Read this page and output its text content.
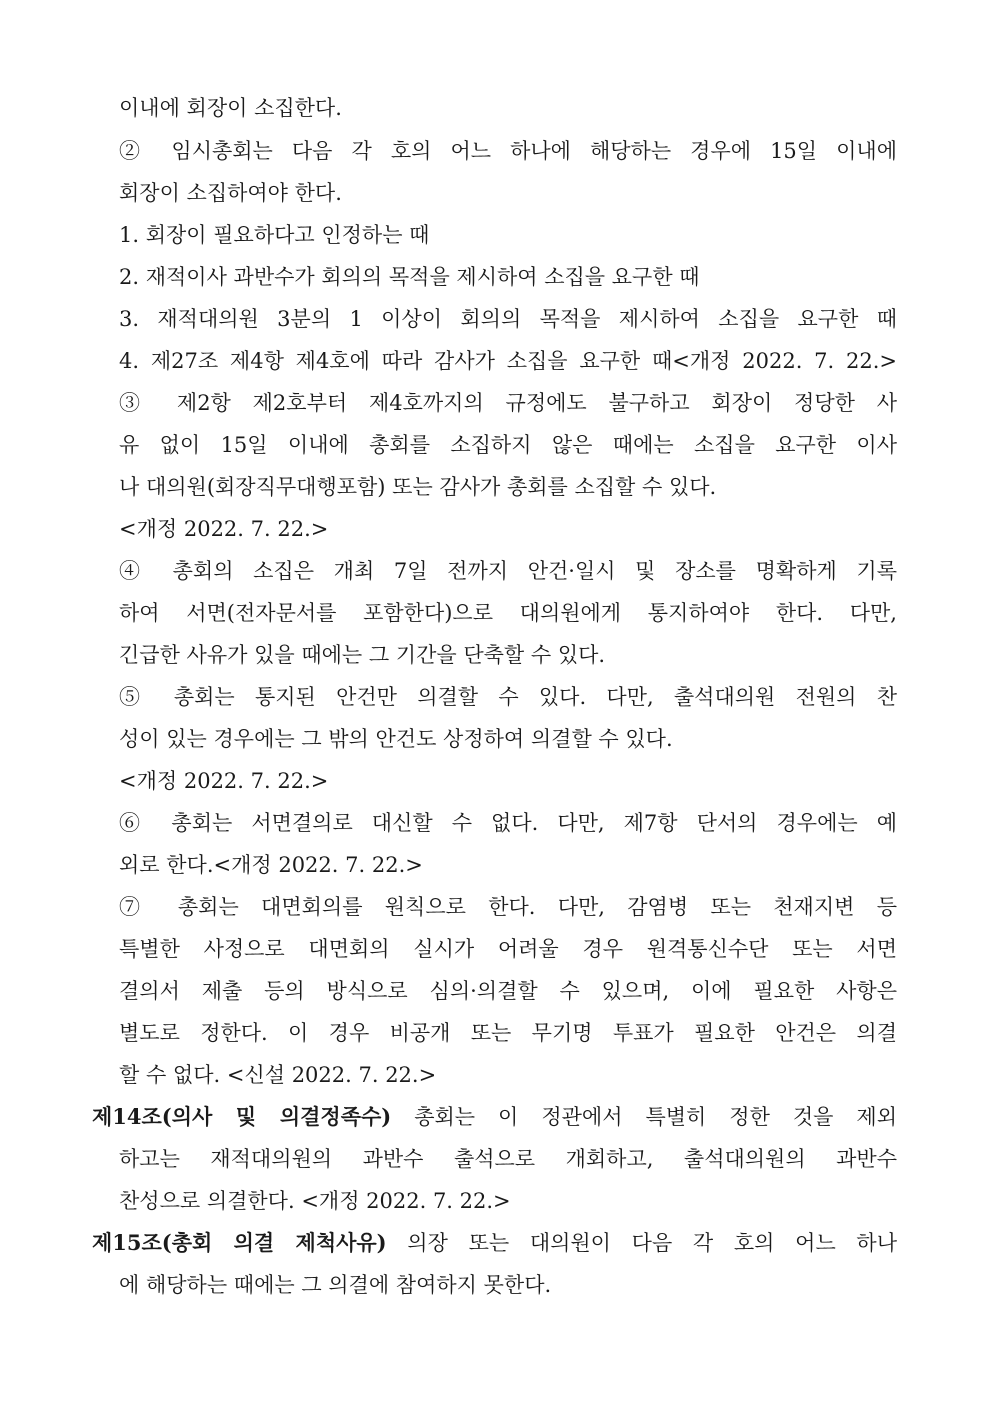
이내에 회장이 소집한다.
② 임시총회는 다음 각 호의 어느 하나에 해당하는 경우에 15일 이내에
회장이 소집하여야 한다.
1. 회장이 필요하다고 인정하는 때
2. 재적이사 과반수가 회의의 목적을 제시하여 소집을 요구한 때
3. 재적대의원 3분의 1 이상이 회의의 목적을 제시하여 소집을 요구한 때
4. 제27조 제4항 제4호에 따라 감사가 소집을 요구한 때<개정 2022. 7. 22.>
③ 제2항 제2호부터 제4호까지의 규정에도 불구하고 회장이 정당한 사
유 없이 15일 이내에 총회를 소집하지 않은 때에는 소집을 요구한 이사
나 대의원(회장직무대행포함) 또는 감사가 총회를 소집할 수 있다.
<개정 2022. 7. 22.>
④ 총회의 소집은 개최 7일 전까지 안건·일시 및 장소를 명확하게 기록
하여 서면(전자문서를 포함한다)으로 대의원에게 통지하여야 한다. 다만,
긴급한 사유가 있을 때에는 그 기간을 단축할 수 있다.
⑤ 총회는 통지된 안건만 의결할 수 있다. 다만, 출석대의원 전원의 찬
성이 있는 경우에는 그 밖의 안건도 상정하여 의결할 수 있다.
<개정 2022. 7. 22.>
⑥ 총회는 서면결의로 대신할 수 없다. 다만, 제7항 단서의 경우에는 예
외로 한다.<개정 2022. 7. 22.>
⑦ 총회는 대면회의를 원칙으로 한다. 다만, 감염병 또는 천재지변 등
특별한 사정으로 대면회의 실시가 어려울 경우 원격통신수단 또는 서면
결의서 제출 등의 방식으로 심의·의결할 수 있으며, 이에 필요한 사항은
별도로 정한다. 이 경우 비공개 또는 무기명 투표가 필요한 안건은 의결
할 수 없다. <신설 2022. 7. 22.>
제14조(의사 및 의결정족수) 총회는 이 정관에서 특별히 정한 것을 제외
하고는 재적대의원의 과반수 출석으로 개회하고, 출석대의원의 과반수
찬성으로 의결한다. <개정 2022. 7. 22.>
제15조(총회 의결 제척사유) 의장 또는 대의원이 다음 각 호의 어느 하나
에 해당하는 때에는 그 의결에 참여하지 못한다.
